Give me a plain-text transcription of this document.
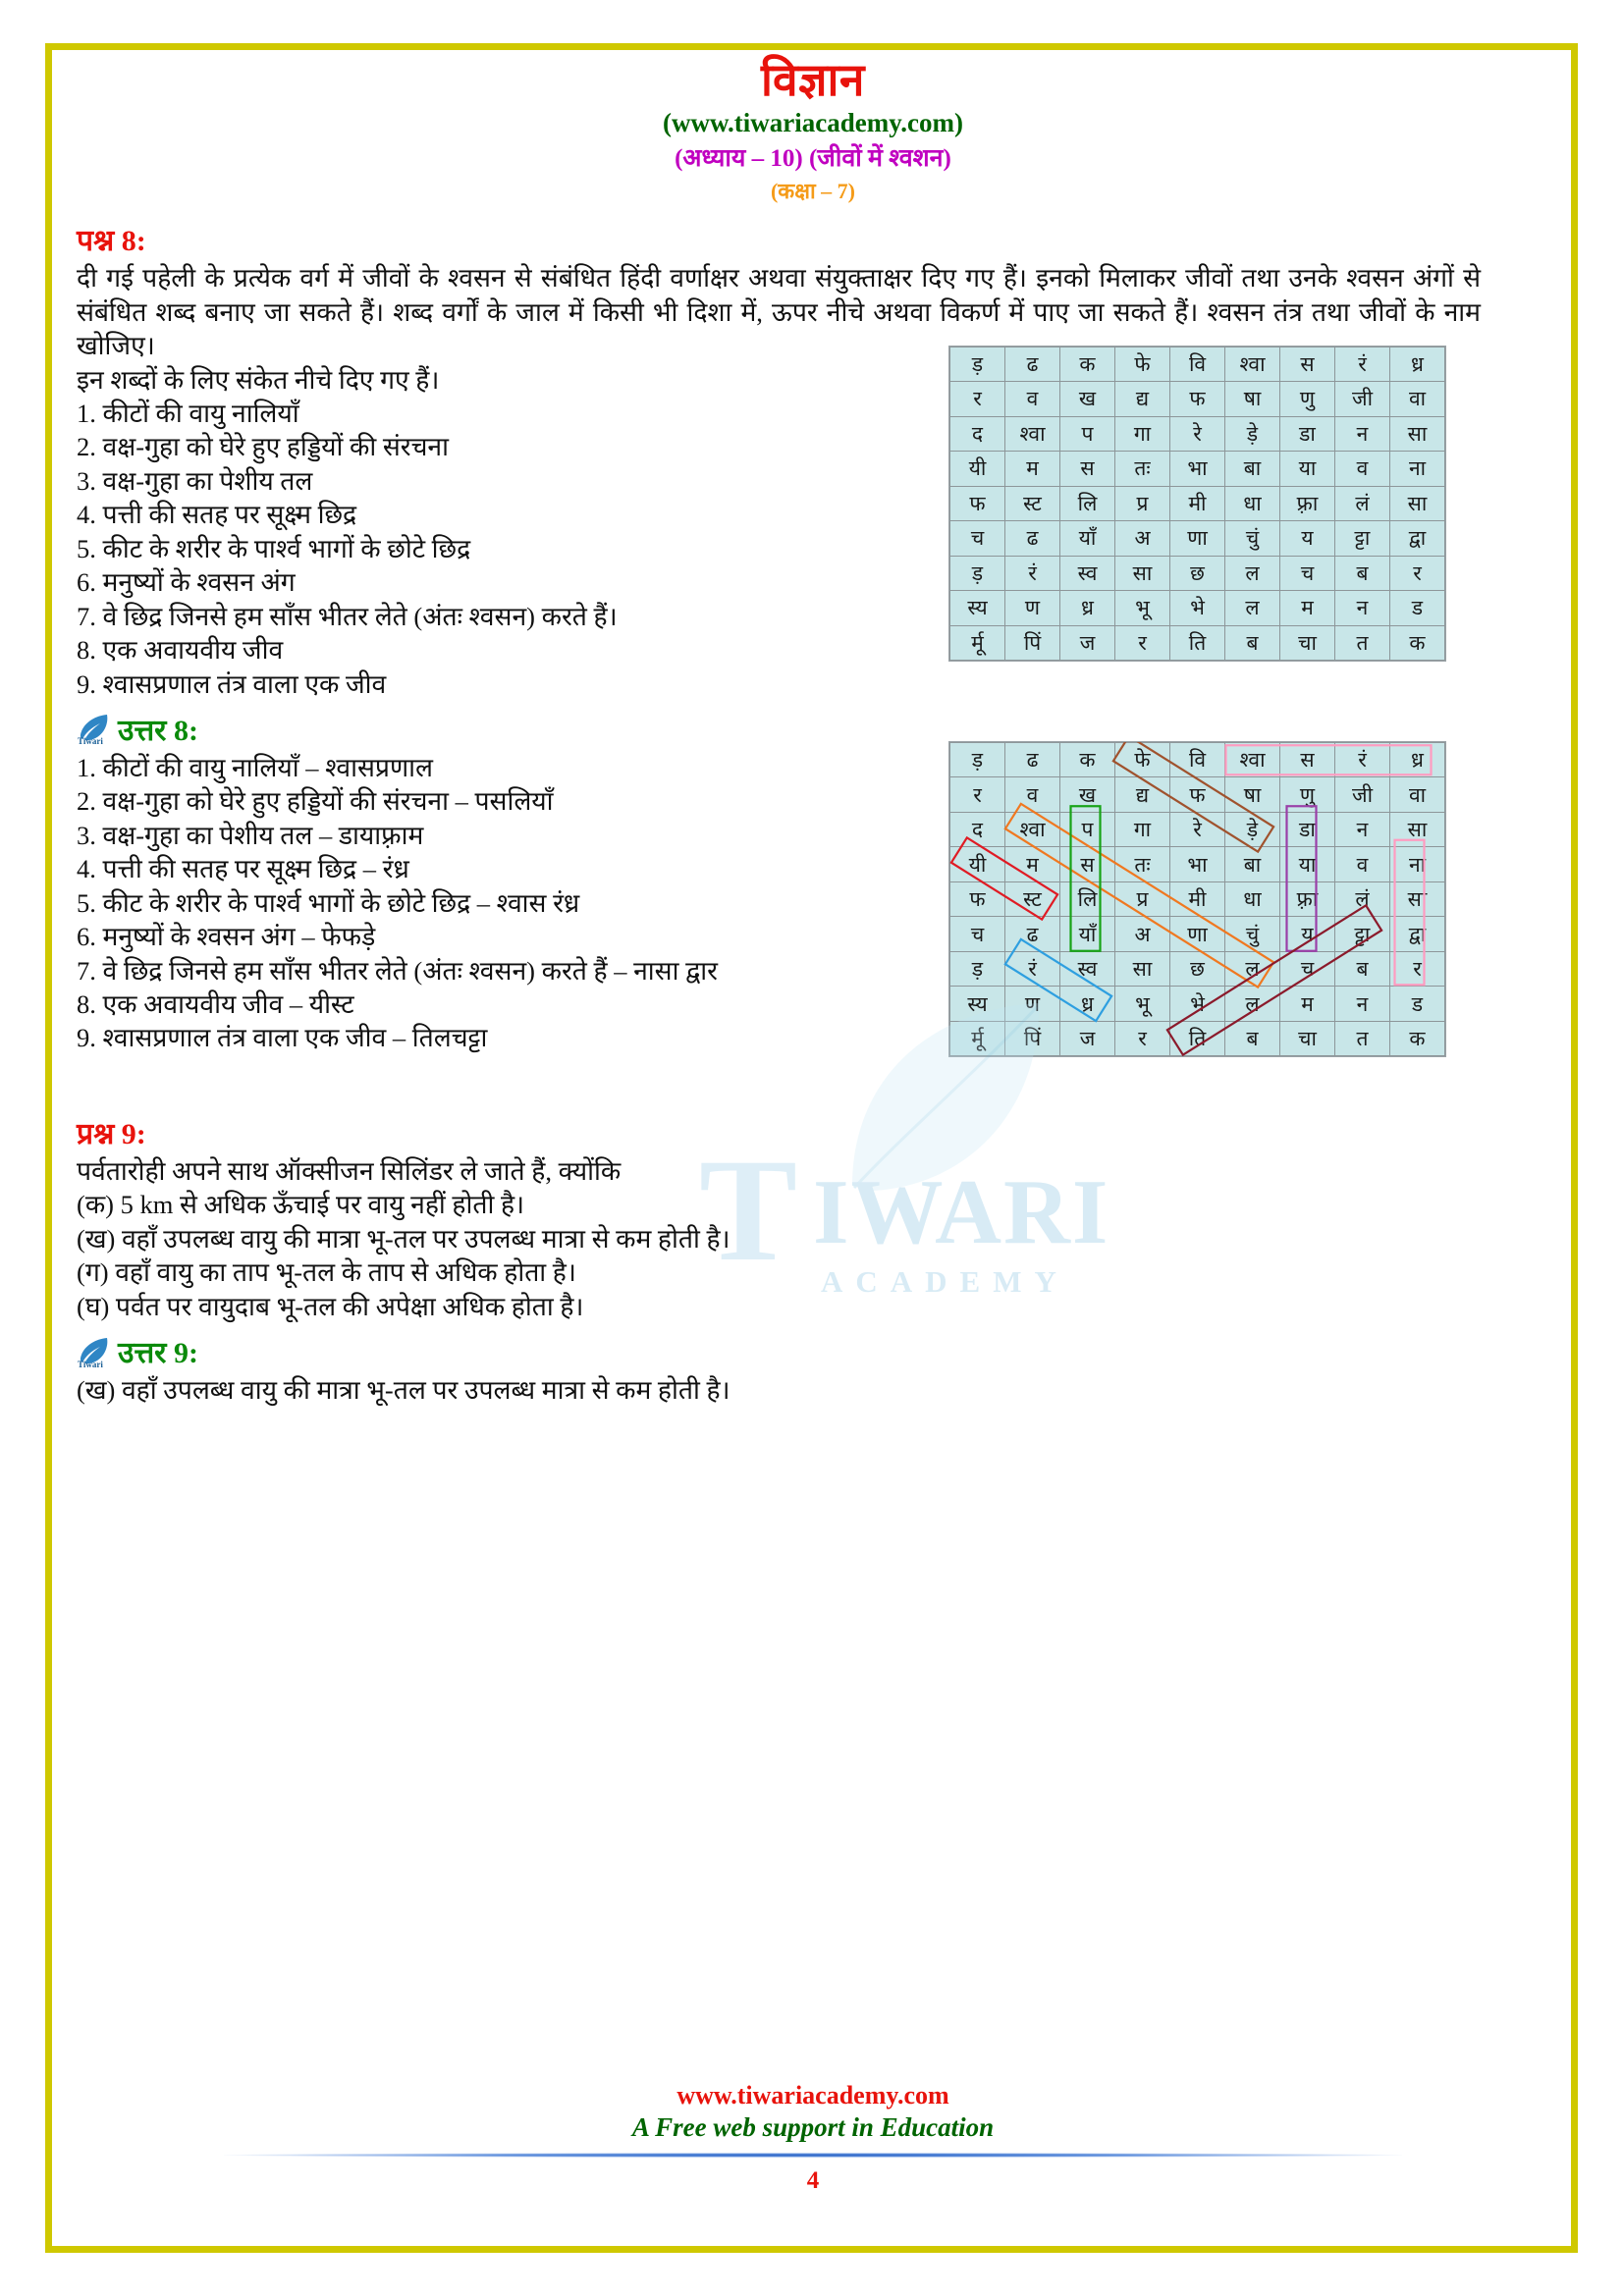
विज्ञान
(www.tiwariacademy.com)
(अध्याय – 10) (जीवों में श्वशन)
(कक्षा – 7)
पश्न 8:
दी गई पहेली के प्रत्येक वर्ग में जीवों के श्वसन से संबंधित हिंदी वर्णाक्षर अथवा संयुक्ताक्षर दिए गए हैं। इनको मिलाकर जीवों तथा उनके श्वसन अंगों से संबंधित शब्द बनाए जा सकते हैं। शब्द वर्गों के जाल में किसी भी दिशा में, ऊपर नीचे अथवा विकर्ण में पाए जा सकते हैं। श्वसन तंत्र तथा जीवों के नाम खोजिए।

इन शब्दों के लिए संकेत नीचे दिए गए हैं।

1. कीटों की वायु नालियाँ

2. वक्ष-गुहा को घेरे हुए हड्डियों की संरचना

3. वक्ष-गुहा का पेशीय तल

4. पत्ती की सतह पर सूक्ष्म छिद्र

5. कीट के शरीर के पार्श्व भागों के छोटे छिद्र

6. मनुष्यों के श्वसन अंग

7. वे छिद्र जिनसे हम साँस भीतर लेते (अंतः श्वसन) करते हैं।

8. एक अवायवीय जीव

9. श्वासप्रणाल तंत्र वाला एक जीव

ड़	ढ	क	फे	वि	श्वा	स	रं	ध्र
र	व	ख	द्य	फ	षा	णु	जी	वा
द	श्वा	प	गा	रे	ड़े	डा	न	सा
यी	म	स	तः	भा	बा	या	व	ना
फ	स्ट	लि	प्र	मी	धा	फ़्रा	लं	सा
च	ढ	याँ	अ	णा	चुं	य	ट्टा	द्वा
ड़	रं	स्व	सा	छ	ल	च	ब	र
स्य	ण	ध्र	भू	भे	ल	म	न	ड
र्मू	पिं	ज	र	ति	ब	चा	त	क
Tiwari उत्तर 8:

1. कीटों की वायु नालियाँ – श्वासप्रणाल

2. वक्ष-गुहा को घेरे हुए हड्डियों की संरचना – पसलियाँ

3. वक्ष-गुहा का पेशीय तल – डायाफ़्राम

4. पत्ती की सतह पर सूक्ष्म छिद्र – रंध्र

5. कीट के शरीर के पार्श्व भागों के छोटे छिद्र – श्वास रंध्र

6. मनुष्यों के श्वसन अंग – फेफड़े

7. वे छिद्र जिनसे हम साँस भीतर लेते (अंतः श्वसन) करते हैं – नासा द्वार

8. एक अवायवीय जीव – यीस्ट

9. श्वासप्रणाल तंत्र वाला एक जीव – तिलचट्टा

ड़	ढ	क	फे	वि	श्वा	स	रं	ध्र
र	व	ख	द्य	फ	षा	णु	जी	वा
द	श्वा	प	गा	रे	ड़े	डा	न	सा
यी	म	स	तः	भा	बा	या	व	ना
फ	स्ट	लि	प्र	मी	धा	फ़्रा	लं	सा
च	ढ	याँ	अ	णा	चुं	य	ट्टा	द्वा
ड़	रं	स्व	सा	छ	ल	च	ब	र
स्य	ण	ध्र	भू	भे	ल	म	न	ड
र्मू	पिं	ज	र	ति	ब	चा	त	क
प्रश्न 9:

पर्वतारोही अपने साथ ऑक्सीजन सिलिंडर ले जाते हैं, क्योंकि

(क) 5 km से अधिक ऊँचाई पर वायु नहीं होती है।

(ख) वहाँ उपलब्ध वायु की मात्रा भू-तल पर उपलब्ध मात्रा से कम होती है।

(ग) वहाँ वायु का ताप भू-तल के ताप से अधिक होता है।

(घ) पर्वत पर वायुदाब भू-तल की अपेक्षा अधिक होता है।

Tiwari उत्तर 9:
(ख) वहाँ उपलब्ध वायु की मात्रा भू-तल पर उपलब्ध मात्रा से कम होती है।
T IWARI
ACADEMY
www.tiwariacademy.com
A Free web support in Education
4
